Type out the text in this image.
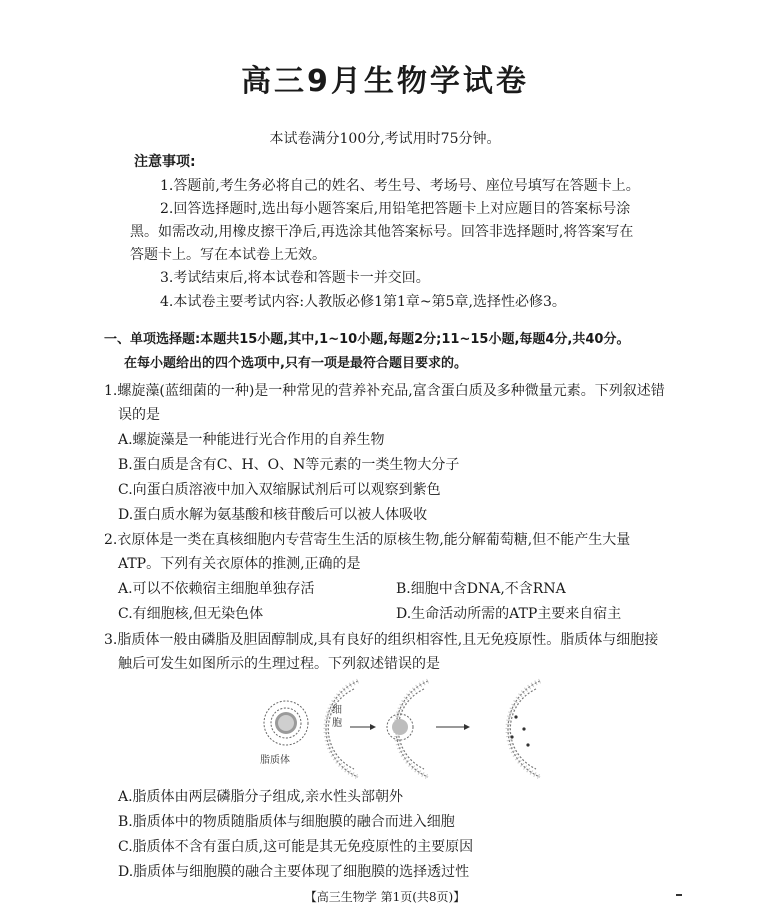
高三9月生物学试卷
本试卷满分100分,考试用时75分钟。
注意事项:
1.答题前,考生务必将自己的姓名、考生号、考场号、座位号填写在答题卡上。
2.回答选择题时,选出每小题答案后,用铅笔把答题卡上对应题目的答案标号涂
黑。如需改动,用橡皮擦干净后,再选涂其他答案标号。回答非选择题时,将答案写在
答题卡上。写在本试卷上无效。
3.考试结束后,将本试卷和答题卡一并交回。
4.本试卷主要考试内容:人教版必修1第1章~第5章,选择性必修3。
一、单项选择题:本题共15小题,其中,1~10小题,每题2分;11~15小题,每题4分,共40分。
在每小题给出的四个选项中,只有一项是最符合题目要求的。
1.螺旋藻(蓝细菌的一种)是一种常见的营养补充品,富含蛋白质及多种微量元素。下列叙述错
误的是
A.螺旋藻是一种能进行光合作用的自养生物
B.蛋白质是含有C、H、O、N等元素的一类生物大分子
C.向蛋白质溶液中加入双缩脲试剂后可以观察到紫色
D.蛋白质水解为氨基酸和核苷酸后可以被人体吸收
2.衣原体是一类在真核细胞内专营寄生生活的原核生物,能分解葡萄糖,但不能产生大量
ATP。下列有关衣原体的推测,正确的是
A.可以不依赖宿主细胞单独存活	B.细胞中含DNA,不含RNA
C.有细胞核,但无染色体	D.生命活动所需的ATP主要来自宿主
3.脂质体一般由磷脂及胆固醇制成,具有良好的组织相容性,且无免疫原性。脂质体与细胞接
触后可发生如图所示的生理过程。下列叙述错误的是
细胞
脂质体
A.脂质体由两层磷脂分子组成,亲水性头部朝外
B.脂质体中的物质随脂质体与细胞膜的融合而进入细胞
C.脂质体不含有蛋白质,这可能是其无免疫原性的主要原因
D.脂质体与细胞膜的融合主要体现了细胞膜的选择透过性
【高三生物学 第1页(共8页)】
